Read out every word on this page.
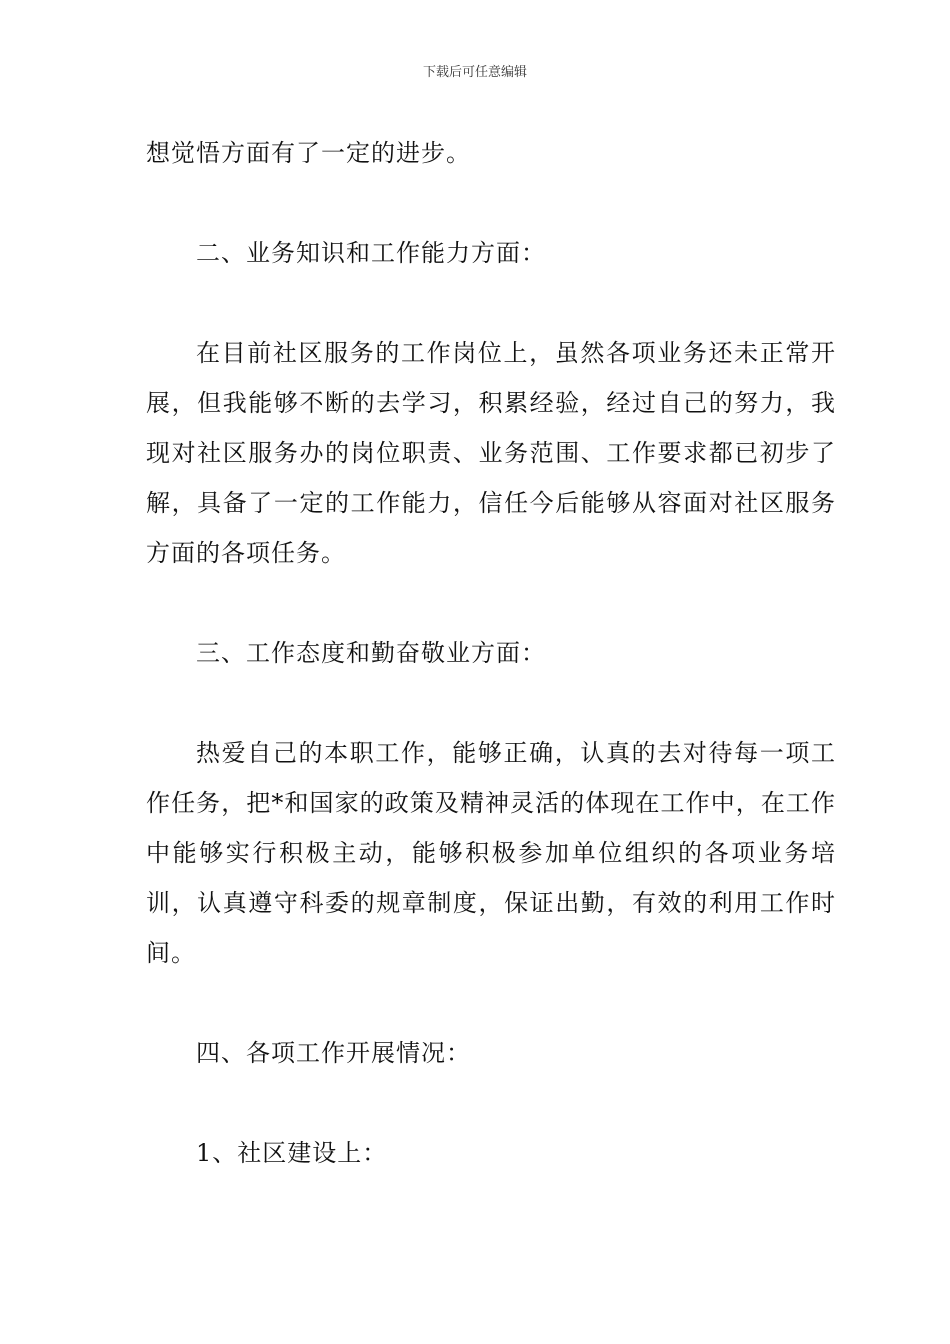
下载后可任意编辑

想觉悟方面有了一定的进步。

二、业务知识和工作能力方面：

在目前社区服务的工作岗位上，虽然各项业务还未正常开展，但我能够不断的去学习，积累经验，经过自己的努力，我现对社区服务办的岗位职责、业务范围、工作要求都已初步了解，具备了一定的工作能力，信任今后能够从容面对社区服务方面的各项任务。

三、工作态度和勤奋敬业方面：

热爱自己的本职工作，能够正确，认真的去对待每一项工作任务，把*和国家的政策及精神灵活的体现在工作中，在工作中能够实行积极主动，能够积极参加单位组织的各项业务培训，认真遵守科委的规章制度，保证出勤，有效的利用工作时间。

四、各项工作开展情况：

1、社区建设上：
